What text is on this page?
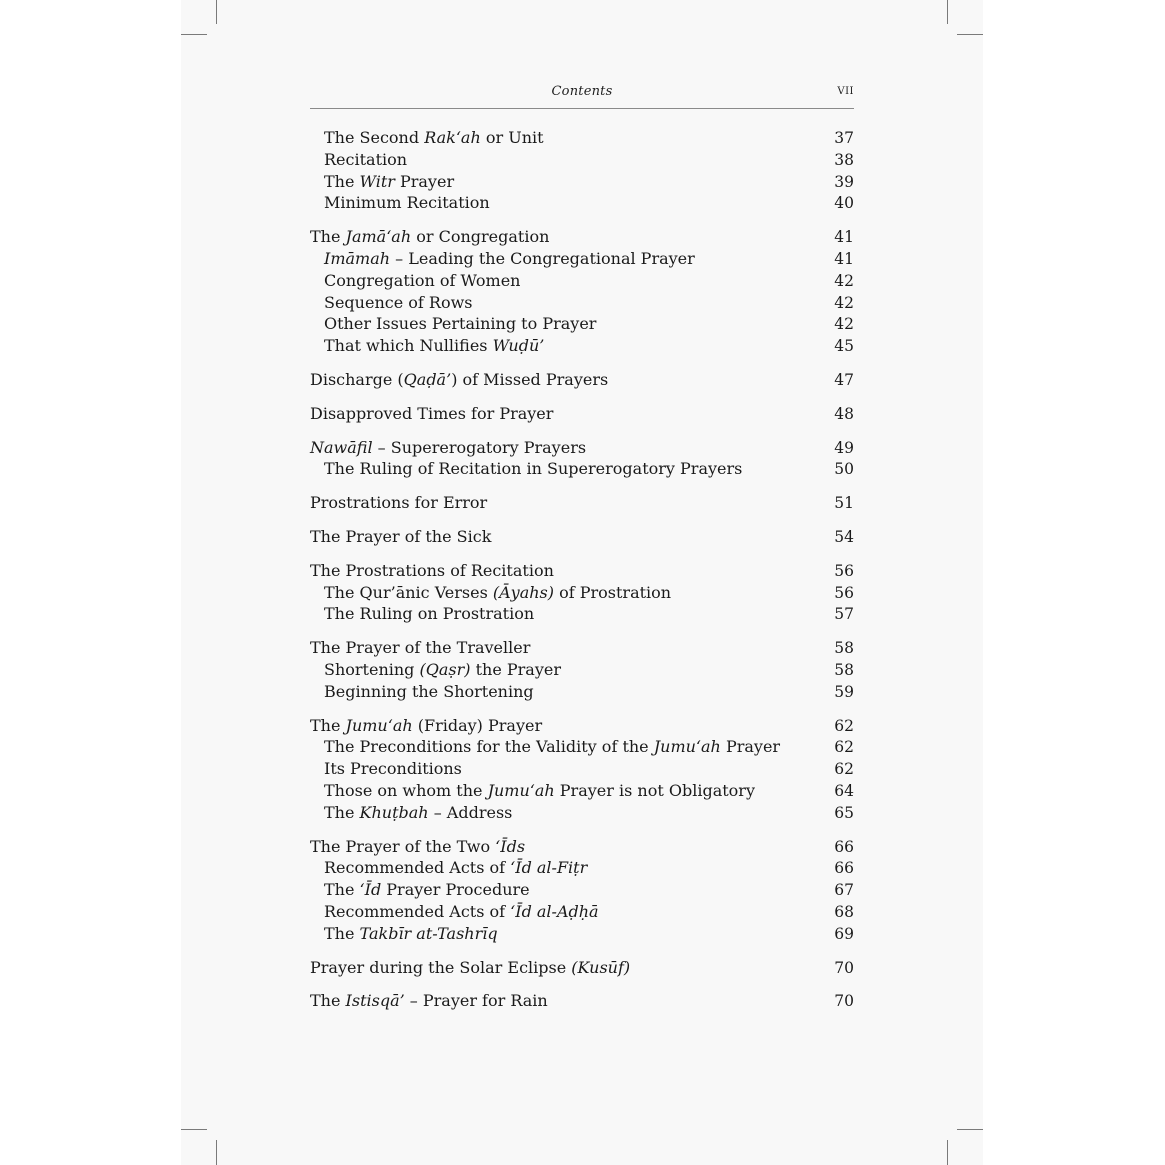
Contents	VII
The Second Rak‘ah or Unit	37
Recitation	38
The Witr Prayer	39
Minimum Recitation	40
The Jamā‘ah or Congregation	41
Imāmah – Leading the Congregational Prayer	41
Congregation of Women	42
Sequence of Rows	42
Other Issues Pertaining to Prayer	42
That which Nullifies Wuḍū’	45
Discharge (Qaḍā’) of Missed Prayers	47
Disapproved Times for Prayer	48
Nawāfil – Supererogatory Prayers	49
The Ruling of Recitation in Supererogatory Prayers	50
Prostrations for Error	51
The Prayer of the Sick	54
The Prostrations of Recitation	56
The Qur’ānic Verses (Āyahs) of Prostration	56
The Ruling on Prostration	57
The Prayer of the Traveller	58
Shortening (Qaṣr) the Prayer	58
Beginning the Shortening	59
The Jumu‘ah (Friday) Prayer	62
The Preconditions for the Validity of the Jumu‘ah Prayer	62
Its Preconditions	62
Those on whom the Jumu‘ah Prayer is not Obligatory	64
The Khuṭbah – Address	65
The Prayer of the Two ‘Īds	66
Recommended Acts of ‘Īd al-Fiṭr	66
The ‘Īd Prayer Procedure	67
Recommended Acts of ‘Īd al-Aḍḥā	68
The Takbīr at-Tashrīq	69
Prayer during the Solar Eclipse (Kusūf)	70
The Istisqā’ – Prayer for Rain	70
